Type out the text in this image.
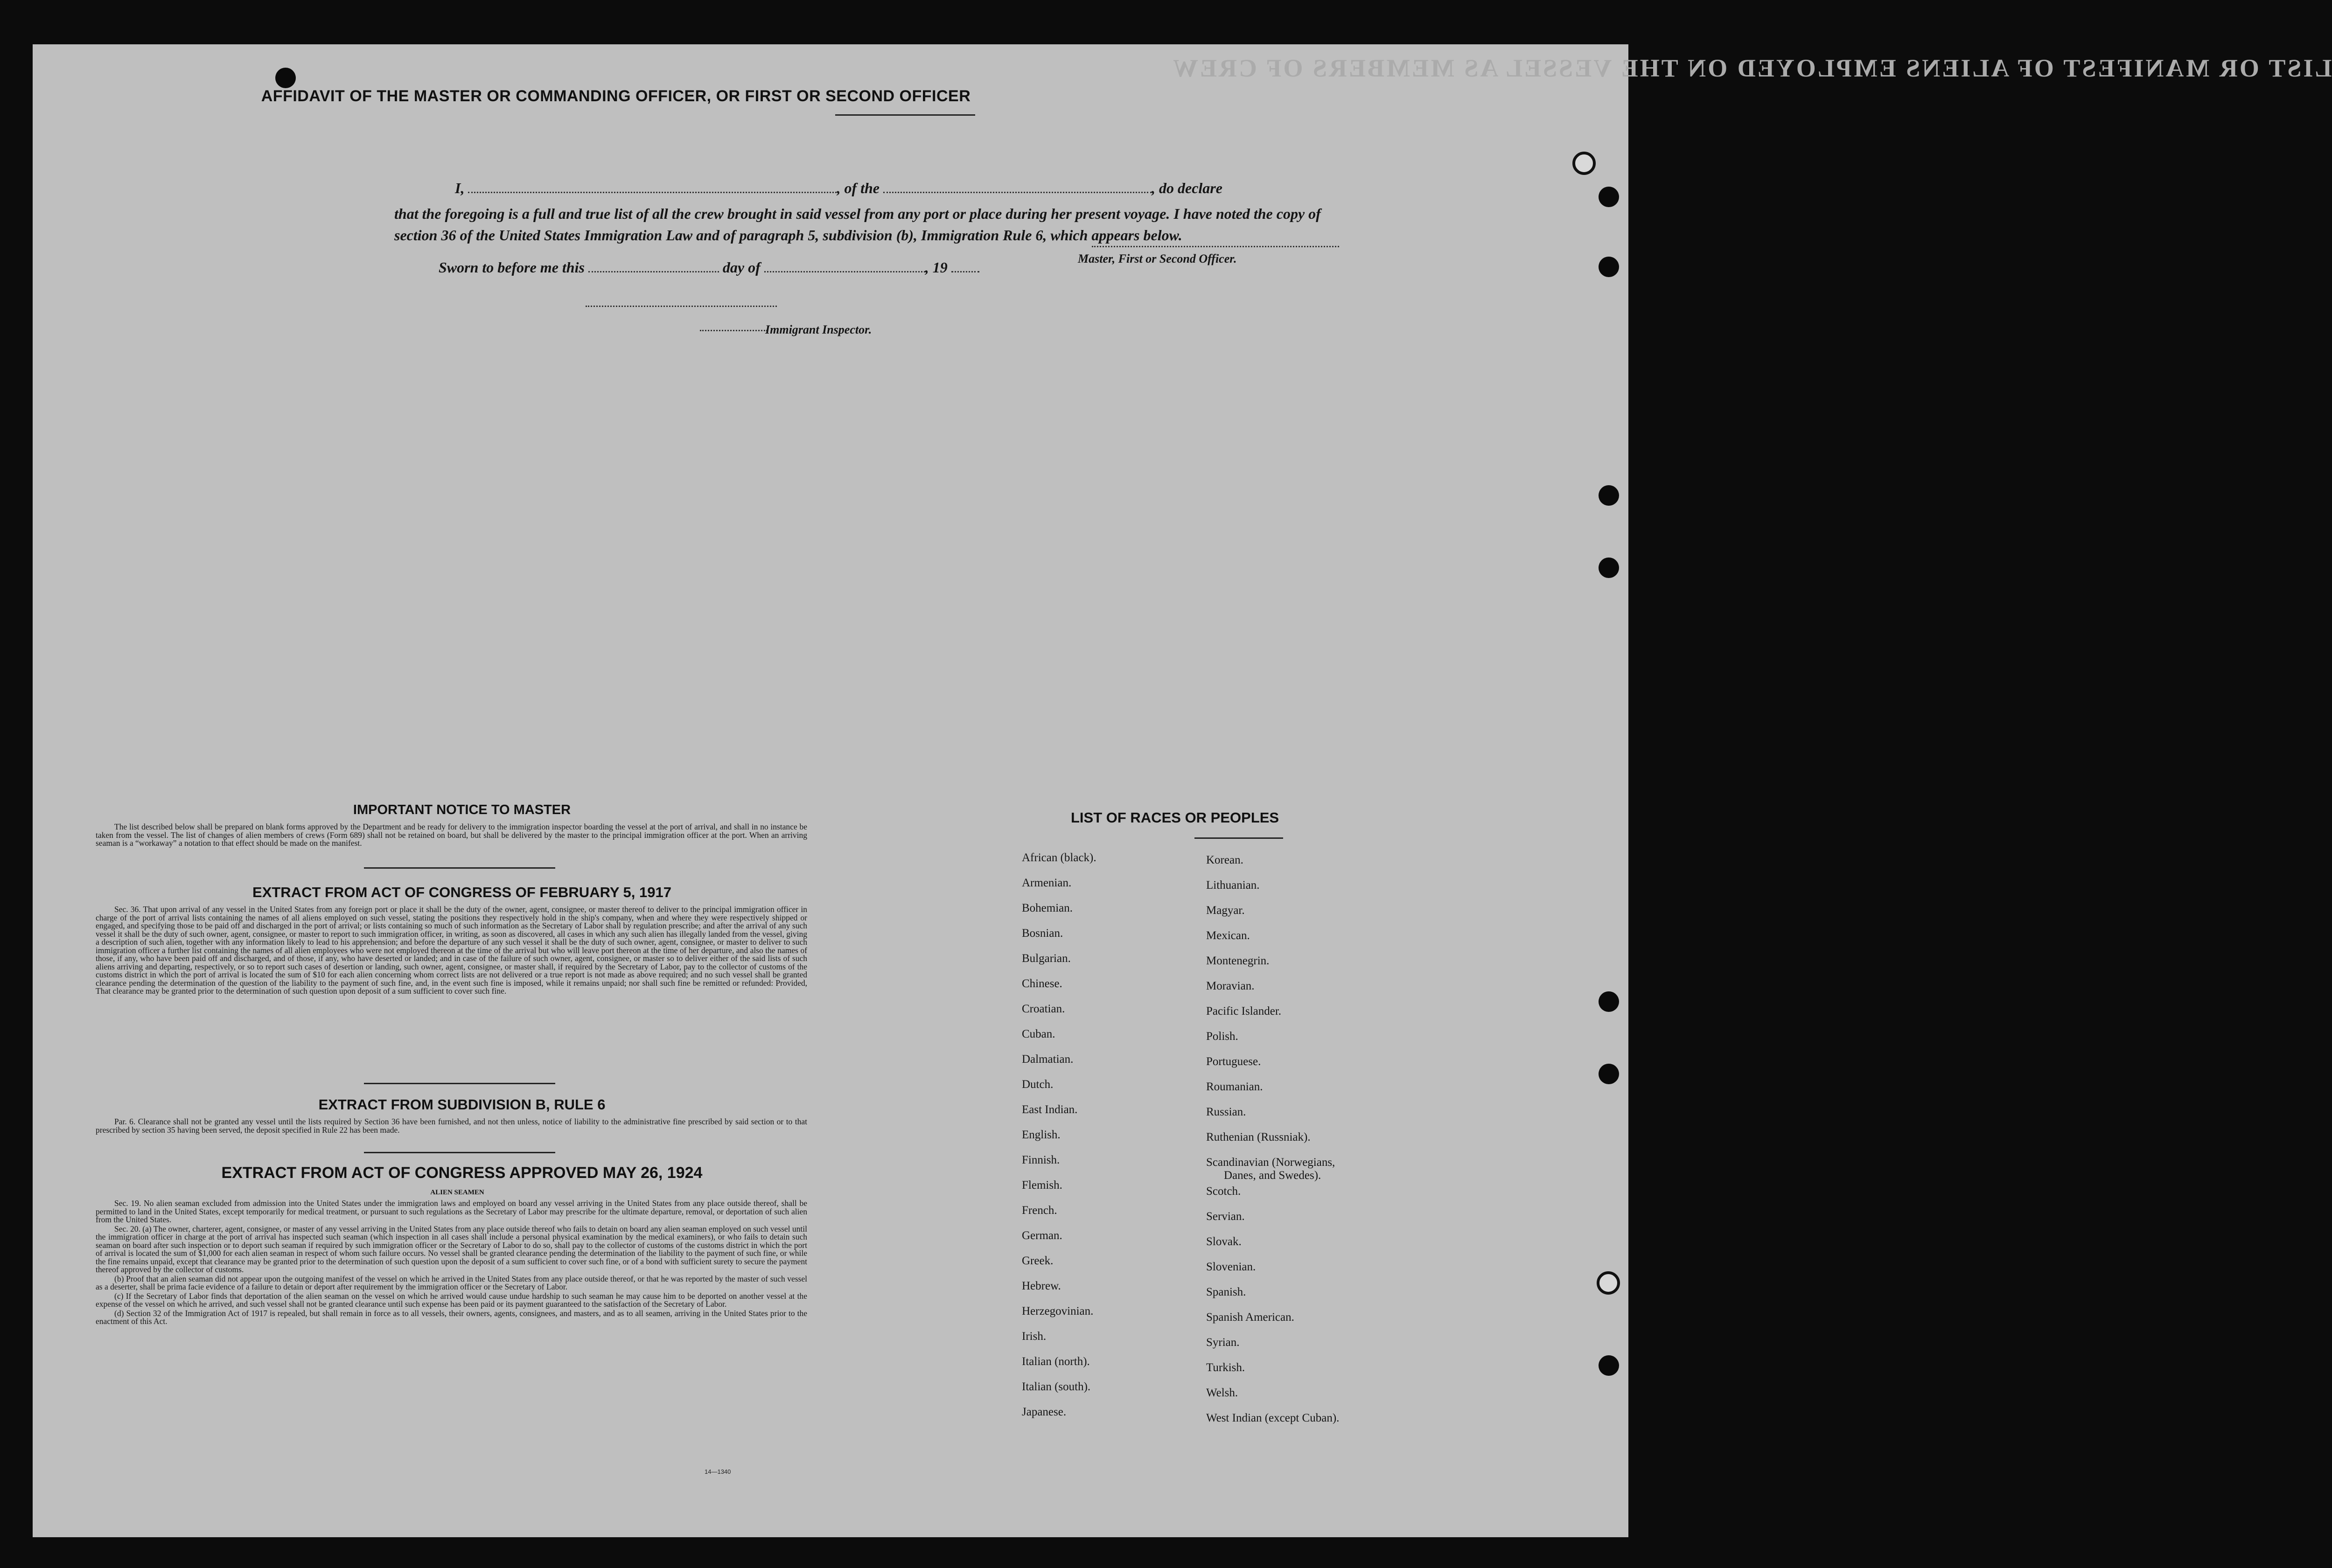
LIST OR MANIFEST OF ALIENS EMPLOYED ON THE VESSEL AS MEMBERS OF CREW
AFFIDAVIT OF THE MASTER OR COMMANDING OFFICER, OR FIRST OR SECOND OFFICER
I,	, of the	, do declare
that the foregoing is a full and true list of all the crew brought in said vessel from any port or place during her present voyage. I have noted the copy of section 36 of the United States Immigration Law and of paragraph 5, subdivision (b), Immigration Rule 6, which appears below.
Master, First or Second Officer.
Sworn to before me this	day of	, 19
Immigrant Inspector.
IMPORTANT NOTICE TO MASTER

The list described below shall be prepared on blank forms approved by the Department and be ready for delivery to the immigration inspector boarding the vessel at the port of arrival, and shall in no instance be taken from the vessel. The list of changes of alien members of crews (Form 689) shall not be retained on board, but shall be delivered by the master to the principal immigration officer at the port. When an arriving seaman is a “workaway” a notation to that effect should be made on the manifest.

EXTRACT FROM ACT OF CONGRESS OF FEBRUARY 5, 1917

Sec. 36. That upon arrival of any vessel in the United States from any foreign port or place it shall be the duty of the owner, agent, consignee, or master thereof to deliver to the principal immigration officer in charge of the port of arrival lists containing the names of all aliens employed on such vessel, stating the positions they respectively hold in the ship's company, when and where they were respectively shipped or engaged, and specifying those to be paid off and discharged in the port of arrival; or lists containing so much of such information as the Secretary of Labor shall by regulation prescribe; and after the arrival of any such vessel it shall be the duty of such owner, agent, consignee, or master to report to such immigration officer, in writing, as soon as discovered, all cases in which any such alien has illegally landed from the vessel, giving a description of such alien, together with any information likely to lead to his apprehension; and before the departure of any such vessel it shall be the duty of such owner, agent, consignee, or master to deliver to such immigration officer a further list containing the names of all alien employees who were not employed thereon at the time of the arrival but who will leave port thereon at the time of her departure, and also the names of those, if any, who have been paid off and discharged, and of those, if any, who have deserted or landed; and in case of the failure of such owner, agent, consignee, or master so to deliver either of the said lists of such aliens arriving and departing, respectively, or so to report such cases of desertion or landing, such owner, agent, consignee, or master shall, if required by the Secretary of Labor, pay to the collector of customs of the customs district in which the port of arrival is located the sum of $10 for each alien concerning whom correct lists are not delivered or a true report is not made as above required; and no such vessel shall be granted clearance pending the determination of the question of the liability to the payment of such fine, and, in the event such fine is imposed, while it remains unpaid; nor shall such fine be remitted or refunded: Provided, That clearance may be granted prior to the determination of such question upon deposit of a sum sufficient to cover such fine.

EXTRACT FROM SUBDIVISION B, RULE 6

Par. 6. Clearance shall not be granted any vessel until the lists required by Section 36 have been furnished, and not then unless, notice of liability to the administrative fine prescribed by said section or to that prescribed by section 35 having been served, the deposit specified in Rule 22 has been made.

EXTRACT FROM ACT OF CONGRESS APPROVED MAY 26, 1924
ALIEN SEAMEN

Sec. 19. No alien seaman excluded from admission into the United States under the immigration laws and employed on board any vessel arriving in the United States from any place outside thereof, shall be permitted to land in the United States, except temporarily for medical treatment, or pursuant to such regulations as the Secretary of Labor may prescribe for the ultimate departure, removal, or deportation of such alien from the United States.

Sec. 20. (a) The owner, charterer, agent, consignee, or master of any vessel arriving in the United States from any place outside thereof who fails to detain on board any alien seaman employed on such vessel until the immigration officer in charge at the port of arrival has inspected such seaman (which inspection in all cases shall include a personal physical examination by the medical examiners), or who fails to detain such seaman on board after such inspection or to deport such seaman if required by such immigration officer or the Secretary of Labor to do so, shall pay to the collector of customs of the customs district in which the port of arrival is located the sum of $1,000 for each alien seaman in respect of whom such failure occurs. No vessel shall be granted clearance pending the determination of the liability to the payment of such fine, or while the fine remains unpaid, except that clearance may be granted prior to the determination of such question upon the deposit of a sum sufficient to cover such fine, or of a bond with sufficient surety to secure the payment thereof approved by the collector of customs.

(b) Proof that an alien seaman did not appear upon the outgoing manifest of the vessel on which he arrived in the United States from any place outside thereof, or that he was reported by the master of such vessel as a deserter, shall be prima facie evidence of a failure to detain or deport after requirement by the immigration officer or the Secretary of Labor.

(c) If the Secretary of Labor finds that deportation of the alien seaman on the vessel on which he arrived would cause undue hardship to such seaman he may cause him to be deported on another vessel at the expense of the vessel on which he arrived, and such vessel shall not be granted clearance until such expense has been paid or its payment guaranteed to the satisfaction of the Secretary of Labor.

(d) Section 32 of the Immigration Act of 1917 is repealed, but shall remain in force as to all vessels, their owners, agents, consignees, and masters, and as to all seamen, arriving in the United States prior to the enactment of this Act.

14—1340
LIST OF RACES OR PEOPLES
African (black).
Armenian.
Bohemian.
Bosnian.
Bulgarian.
Chinese.
Croatian.
Cuban.
Dalmatian.
Dutch.
East Indian.
English.
Finnish.
Flemish.
French.
German.
Greek.
Hebrew.
Herzegovinian.
Irish.
Italian (north).
Italian (south).
Japanese.
Korean.
Lithuanian.
Magyar.
Mexican.
Montenegrin.
Moravian.
Pacific Islander.
Polish.
Portuguese.
Roumanian.
Russian.
Ruthenian (Russniak).
Scandinavian (Norwegians,
Danes, and Swedes).
Scotch.
Servian.
Slovak.
Slovenian.
Spanish.
Spanish American.
Syrian.
Turkish.
Welsh.
West Indian (except Cuban).
